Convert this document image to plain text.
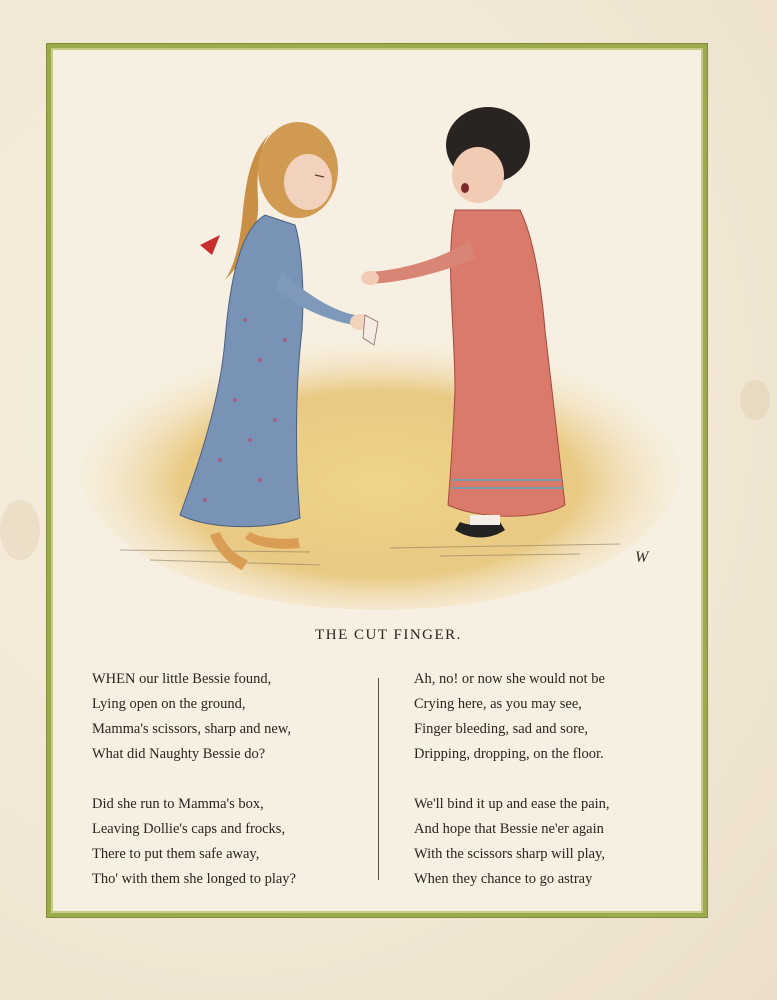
W
THE CUT FINGER.
WHEN our little Bessie found,
Lying open on the ground,
Mamma's scissors, sharp and new,
What did Naughty Bessie do?
Did she run to Mamma's box,
Leaving Dollie's caps and frocks,
There to put them safe away,
Tho' with them she longed to play?
Ah, no! or now she would not be
Crying here, as you may see,
Finger bleeding, sad and sore,
Dripping, dropping, on the floor.
We'll bind it up and ease the pain,
And hope that Bessie ne'er again
With the scissors sharp will play,
When they chance to go astray
